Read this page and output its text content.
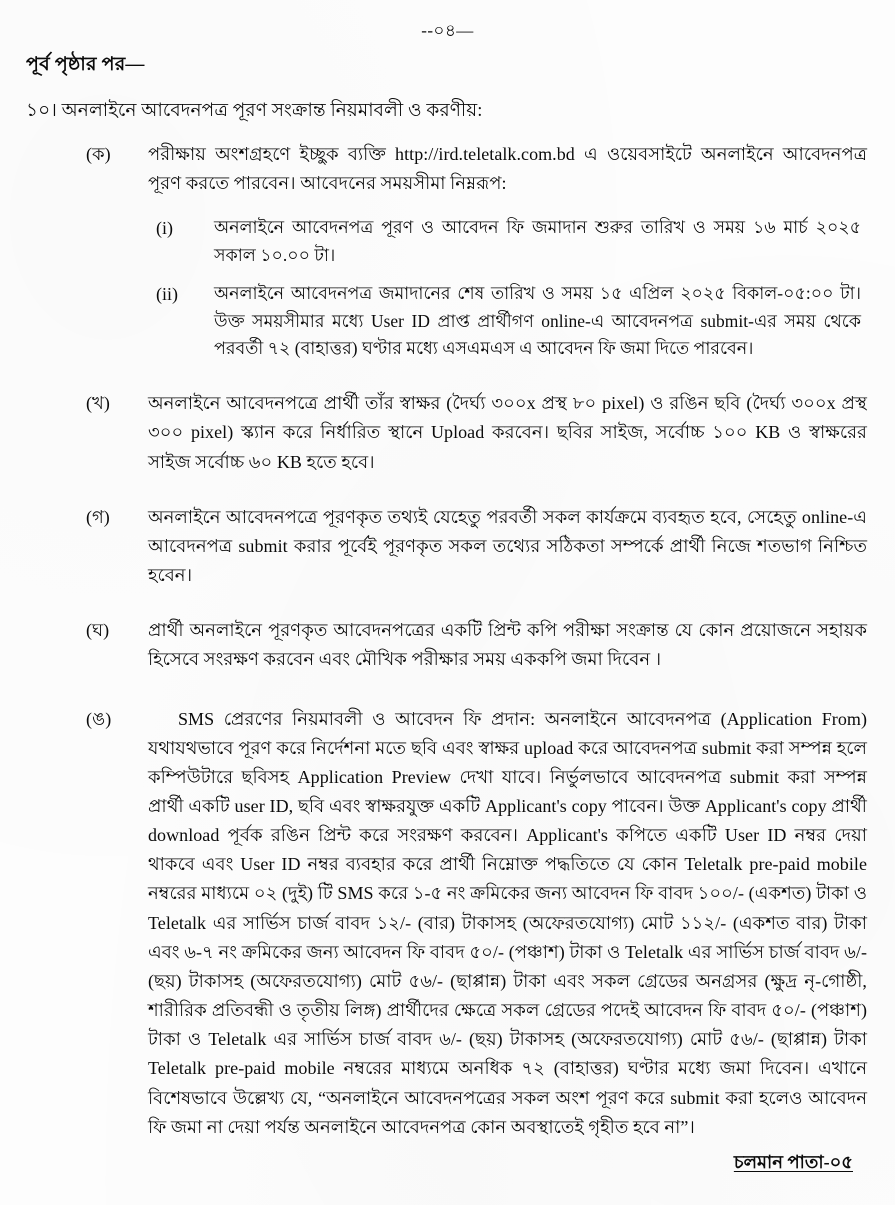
--০৪—
পূর্ব পৃষ্ঠার পর—

১০। অনলাইনে আবেদনপত্র পূরণ সংক্রান্ত নিয়মাবলী ও করণীয়:

(ক)	পরীক্ষায় অংশগ্রহণে ইচ্ছুক ব্যক্তি http://ird.teletalk.com.bd এ ওয়েবসাইটে অনলাইনে আবেদনপত্র পূরণ করতে পারবেন। আবেদনের সময়সীমা নিম্নরূপ:
(i)	অনলাইনে আবেদনপত্র পূরণ ও আবেদন ফি জমাদান শুরুর তারিখ ও সময় ১৬ মার্চ ২০২৫ সকাল ১০.০০ টা।
(ii)	অনলাইনে আবেদনপত্র জমাদানের শেষ তারিখ ও সময় ১৫ এপ্রিল ২০২৫ বিকাল-০৫:০০ টা। উক্ত সময়সীমার মধ্যে User ID প্রাপ্ত প্রার্থীগণ online-এ আবেদনপত্র submit-এর সময় থেকে পরবর্তী ৭২ (বাহাত্তর) ঘণ্টার মধ্যে এসএমএস এ আবেদন ফি জমা দিতে পারবেন।
(খ)	অনলাইনে আবেদনপত্রে প্রার্থী তাঁর স্বাক্ষর (দৈর্ঘ্য ৩০০x প্রস্থ ৮০ pixel) ও রঙিন ছবি (দৈর্ঘ্য ৩০০x প্রস্থ ৩০০ pixel) স্ক্যান করে নির্ধারিত স্থানে Upload করবেন। ছবির সাইজ, সর্বোচ্চ ১০০ KB ও স্বাক্ষরের সাইজ সর্বোচ্চ ৬০ KB হতে হবে।
(গ)	অনলাইনে আবেদনপত্রে পূরণকৃত তথ্যই যেহেতু পরবর্তী সকল কার্যক্রমে ব্যবহৃত হবে, সেহেতু online-এ আবেদনপত্র submit করার পূর্বেই পূরণকৃত সকল তথ্যের সঠিকতা সম্পর্কে প্রার্থী নিজে শতভাগ নিশ্চিত হবেন।
(ঘ)	প্রার্থী অনলাইনে পূরণকৃত আবেদনপত্রের একটি প্রিন্ট কপি পরীক্ষা সংক্রান্ত যে কোন প্রয়োজনে সহায়ক হিসেবে সংরক্ষণ করবেন এবং মৌখিক পরীক্ষার সময় এককপি জমা দিবেন ।
(ঙ)	SMS প্রেরণের নিয়মাবলী ও আবেদন ফি প্রদান: অনলাইনে আবেদনপত্র (Application From) যথাযথভাবে পূরণ করে নির্দেশনা মতে ছবি এবং স্বাক্ষর upload করে আবেদনপত্র submit করা সম্পন্ন হলে কম্পিউটারে ছবিসহ Application Preview দেখা যাবে। নির্ভুলভাবে আবেদনপত্র submit করা সম্পন্ন প্রার্থী একটি user ID, ছবি এবং স্বাক্ষরযুক্ত একটি Applicant's copy পাবেন। উক্ত Applicant's copy প্রার্থী download পূর্বক রঙিন প্রিন্ট করে সংরক্ষণ করবেন। Applicant's কপিতে একটি User ID নম্বর দেয়া থাকবে এবং User ID নম্বর ব্যবহার করে প্রার্থী নিম্নোক্ত পদ্ধতিতে যে কোন Teletalk pre-paid mobile নম্বরের মাধ্যমে ০২ (দুই) টি SMS করে ১-৫ নং ক্রমিকের জন্য আবেদন ফি বাবদ ১০০/- (একশত) টাকা ও Teletalk এর সার্ভিস চার্জ বাবদ ১২/- (বার) টাকাসহ (অফেরতযোগ্য) মোট ১১২/- (একশত বার) টাকা এবং ৬-৭ নং ক্রমিকের জন্য আবেদন ফি বাবদ ৫০/- (পঞ্চাশ) টাকা ও Teletalk এর সার্ভিস চার্জ বাবদ ৬/- (ছয়) টাকাসহ (অফেরতযোগ্য) মোট ৫৬/- (ছাপ্পান্ন) টাকা এবং সকল গ্রেডের অনগ্রসর (ক্ষুদ্র নৃ-গোষ্ঠী, শারীরিক প্রতিবন্ধী ও তৃতীয় লিঙ্গ) প্রার্থীদের ক্ষেত্রে সকল গ্রেডের পদেই আবেদন ফি বাবদ ৫০/- (পঞ্চাশ) টাকা ও Teletalk এর সার্ভিস চার্জ বাবদ ৬/- (ছয়) টাকাসহ (অফেরতযোগ্য) মোট ৫৬/- (ছাপ্পান্ন) টাকা Teletalk pre-paid mobile নম্বরের মাধ্যমে অনধিক ৭২ (বাহাত্তর) ঘণ্টার মধ্যে জমা দিবেন। এখানে বিশেষভাবে উল্লেখ্য যে, “অনলাইনে আবেদনপত্রের সকল অংশ পূরণ করে submit করা হলেও আবেদন ফি জমা না দেয়া পর্যন্ত অনলাইনে আবেদনপত্র কোন অবস্থাতেই গৃহীত হবে না”।
চলমান পাতা-০৫
